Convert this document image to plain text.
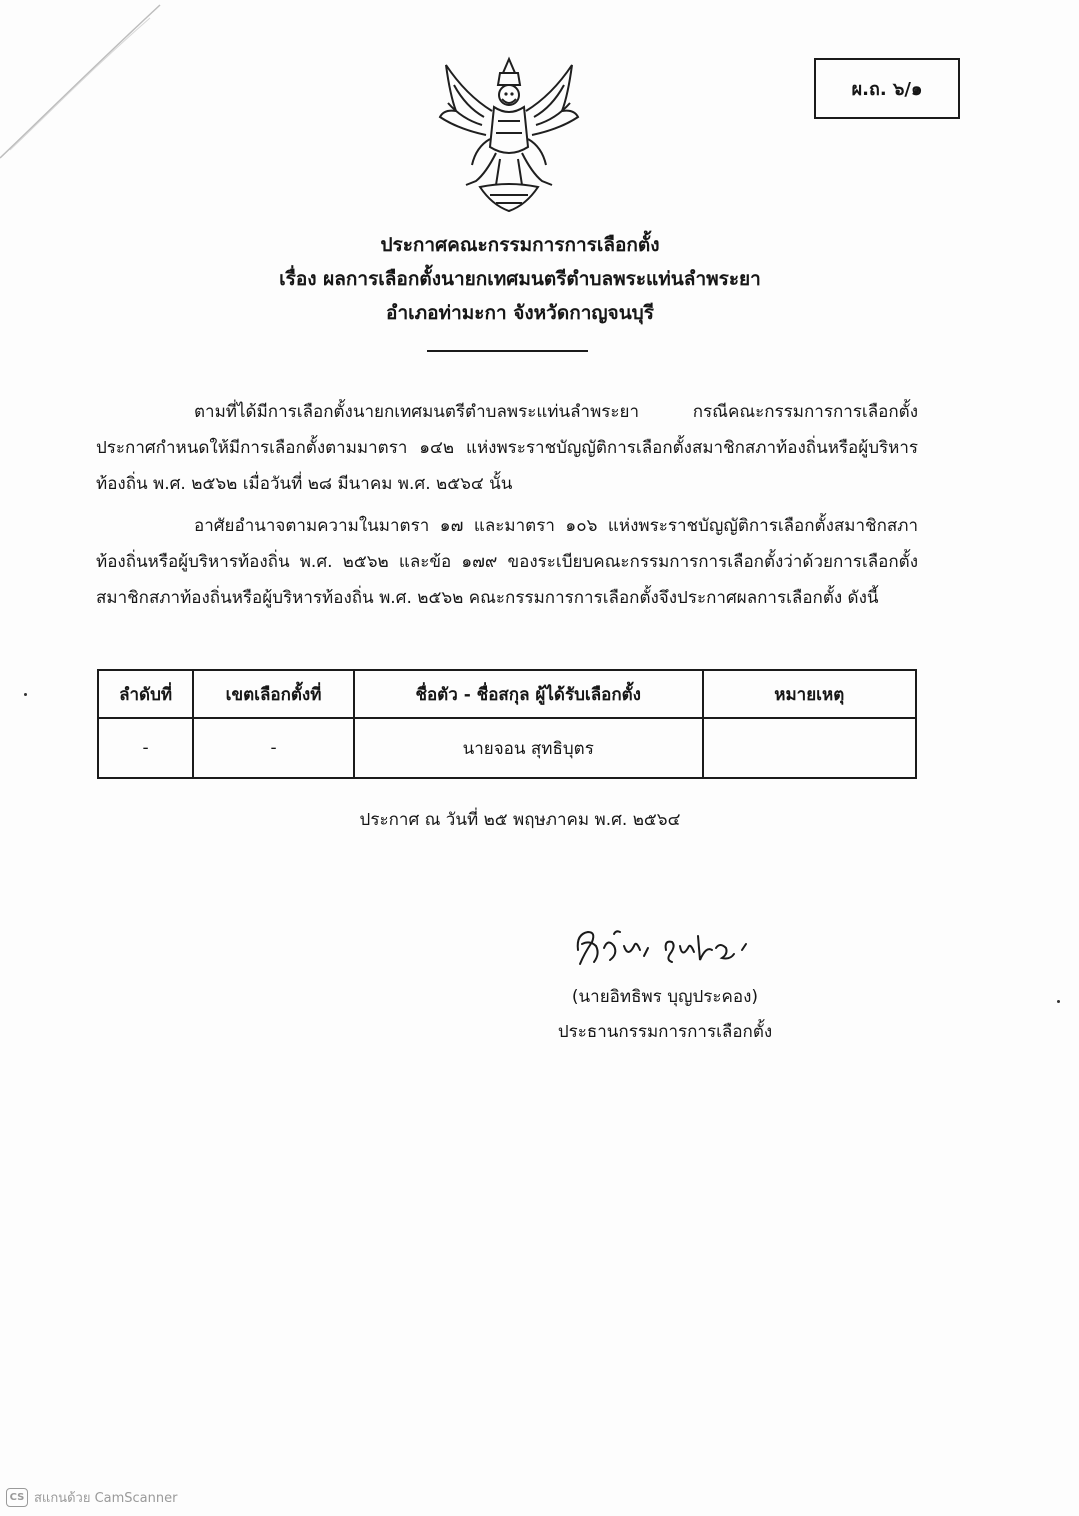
ผ.ถ. ๖/๑
ประกาศคณะกรรมการการเลือกตั้ง
เรื่อง ผลการเลือกตั้งนายกเทศมนตรีตำบลพระแท่นลำพระยา
อำเภอท่ามะกา จังหวัดกาญจนบุรี

ตามที่ได้มีการเลือกตั้งนายกเทศมนตรีตำบลพระแท่นลำพระยา กรณีคณะกรรมการการเลือกตั้งประกาศกำหนดให้มีการเลือกตั้งตามมาตรา ๑๔๒ แห่งพระราชบัญญัติการเลือกตั้งสมาชิกสภาท้องถิ่นหรือผู้บริหารท้องถิ่น พ.ศ. ๒๕๖๒ เมื่อวันที่ ๒๘ มีนาคม พ.ศ. ๒๕๖๔ นั้น

อาศัยอำนาจตามความในมาตรา ๑๗ และมาตรา ๑๐๖ แห่งพระราชบัญญัติการเลือกตั้งสมาชิกสภาท้องถิ่นหรือผู้บริหารท้องถิ่น พ.ศ. ๒๕๖๒ และข้อ ๑๗๙ ของระเบียบคณะกรรมการการเลือกตั้งว่าด้วยการเลือกตั้งสมาชิกสภาท้องถิ่นหรือผู้บริหารท้องถิ่น พ.ศ. ๒๕๖๒ คณะกรรมการการเลือกตั้งจึงประกาศผลการเลือกตั้ง ดังนี้

ลำดับที่	เขตเลือกตั้งที่	ชื่อตัว - ชื่อสกุล ผู้ได้รับเลือกตั้ง	หมายเหตุ
-	-	นายจอน สุทธิบุตร	
ประกาศ ณ วันที่ ๒๕ พฤษภาคม พ.ศ. ๒๕๖๔
(นายอิทธิพร บุญประคอง)
ประธานกรรมการการเลือกตั้ง
CS สแกนด้วย CamScanner
